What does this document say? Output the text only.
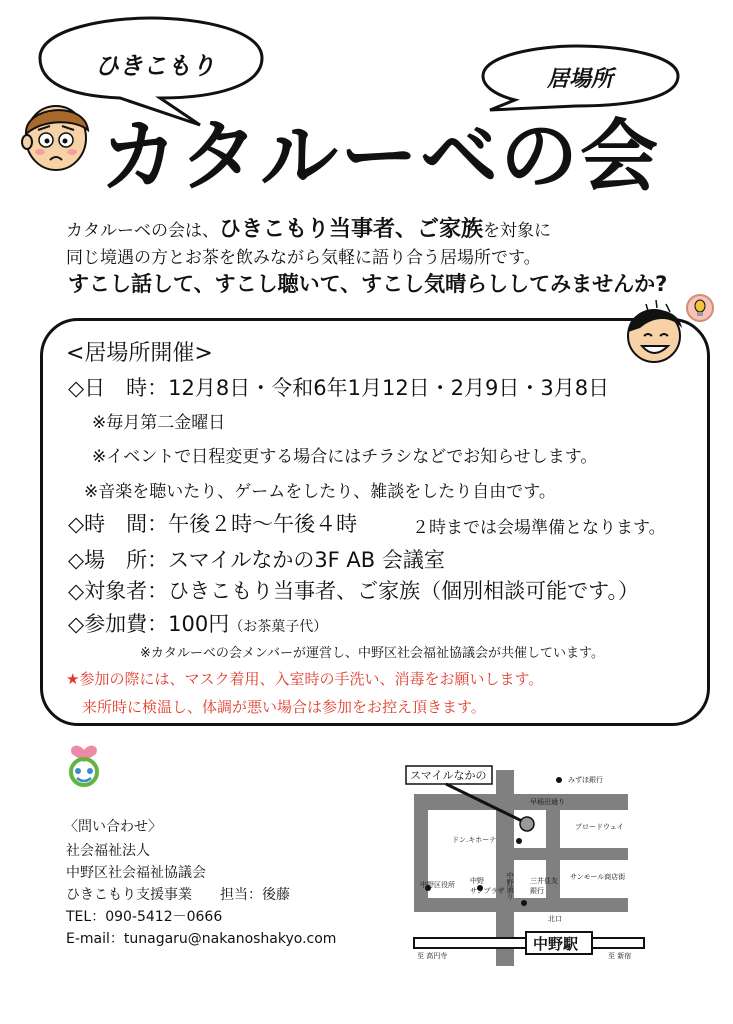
ひきこもり	居場所
カタルーベの会
カタルーベの会は、ひきこもり当事者、ご家族を対象に
同じ境遇の方とお茶を飲みながら気軽に語り合う居場所です。
すこし話して、すこし聴いて、すこし気晴らししてみませんか?
<居場所開催>
◇日　時：12月8日・令和6年1月12日・2月9日・3月8日
※毎月第二金曜日
※イベントで日程変更する場合にはチラシなどでお知らせします。
※音楽を聴いたり、ゲームをしたり、雑談をしたり自由です。
◇時　間：午後２時～午後４時	２時までは会場準備となります。
◇場　所：スマイルなかの3F AB 会議室
◇対象者：ひきこもり当事者、ご家族（個別相談可能です。）
◇参加費：100円（お茶菓子代）
※カタルーベの会メンバーが運営し、中野区社会福祉協議会が共催しています。
★参加の際には、マスク着用、入室時の手洗い、消毒をお願いします。
来所時に検温し、体調が悪い場合は参加をお控え頂きます。
〈問い合わせ〉
社会福祉法人
中野区社会福祉協議会
ひきこもり支援事業　　担当：後藤
TEL：090-5412－0666
E-mail：tunagaru@nakanoshakyo.com
スマイルなかの	みずほ銀行
早稲田通り
ドン.キホーテ
ブロードウェイ
中野区役所 中野
サンプラザ 中野通り 三井住友
銀行
サンモール商店街
北口
中野駅
至 高円寺	至 新宿
